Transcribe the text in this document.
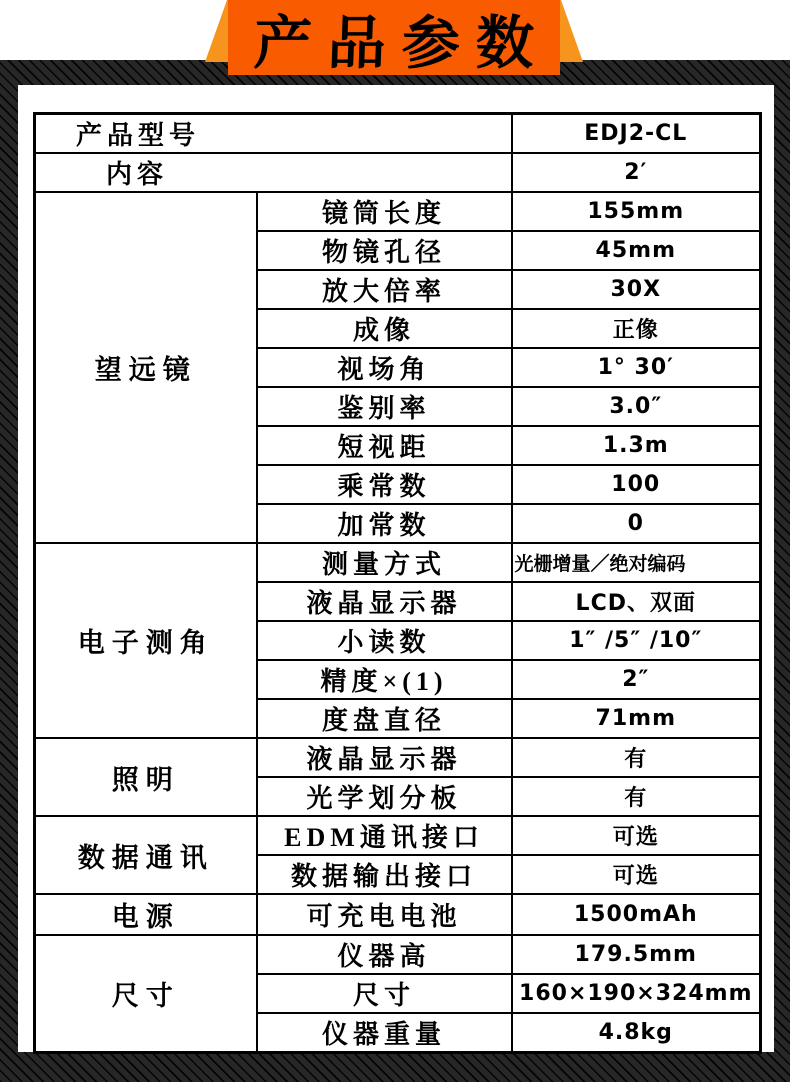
产品参数
产品型号		EDJ2-CL
内容		2′
望远镜	镜筒长度	155mm
	物镜孔径	45mm
	放大倍率	30X
	成像	正像
	视场角	1° 30′
	鉴别率	3.0″
	短视距	1.3m
	乘常数	100
	加常数	0
电子测角	测量方式	光栅增量／绝对编码
	液晶显示器	LCD、双面
	小读数	1″ /5″ /10″
	精度×(1)	2″
	度盘直径	71mm
照明	液晶显示器	有
	光学划分板	有
数据通讯	EDM通讯接口	可选
	数据输出接口	可选
电源	可充电电池	1500mAh
尺寸	仪器高	179.5mm
	尺寸	160×190×324mm
	仪器重量	4.8kg
